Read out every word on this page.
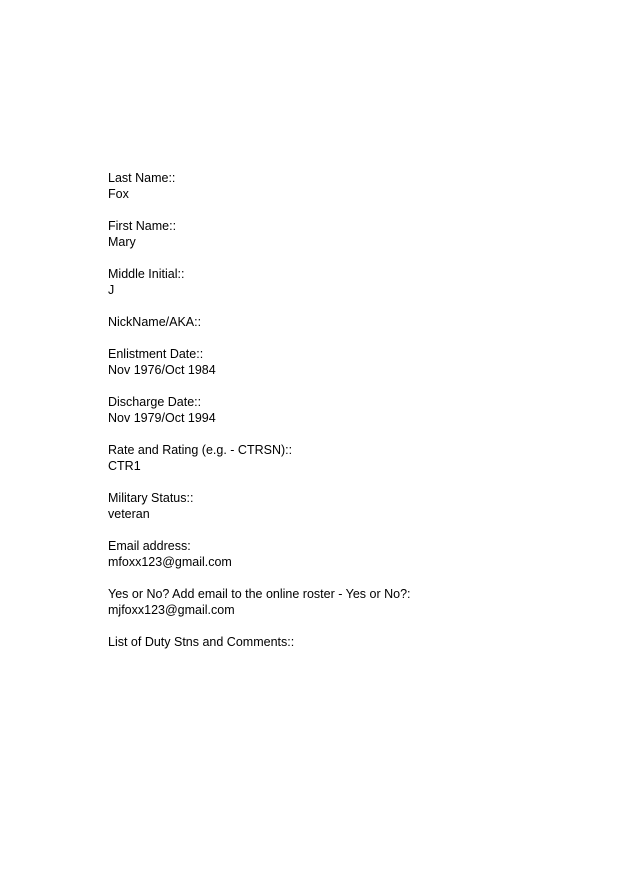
Last Name::
Fox
First Name::
Mary
Middle Initial::
J
NickName/AKA::
Enlistment Date::
Nov 1976/Oct 1984
Discharge Date::
Nov 1979/Oct 1994
Rate and Rating (e.g. - CTRSN)::
CTR1
Military Status::
veteran
Email address:
mfoxx123@gmail.com
Yes or No? Add email to the online roster - Yes or No?:
mjfoxx123@gmail.com
List of Duty Stns and Comments::
